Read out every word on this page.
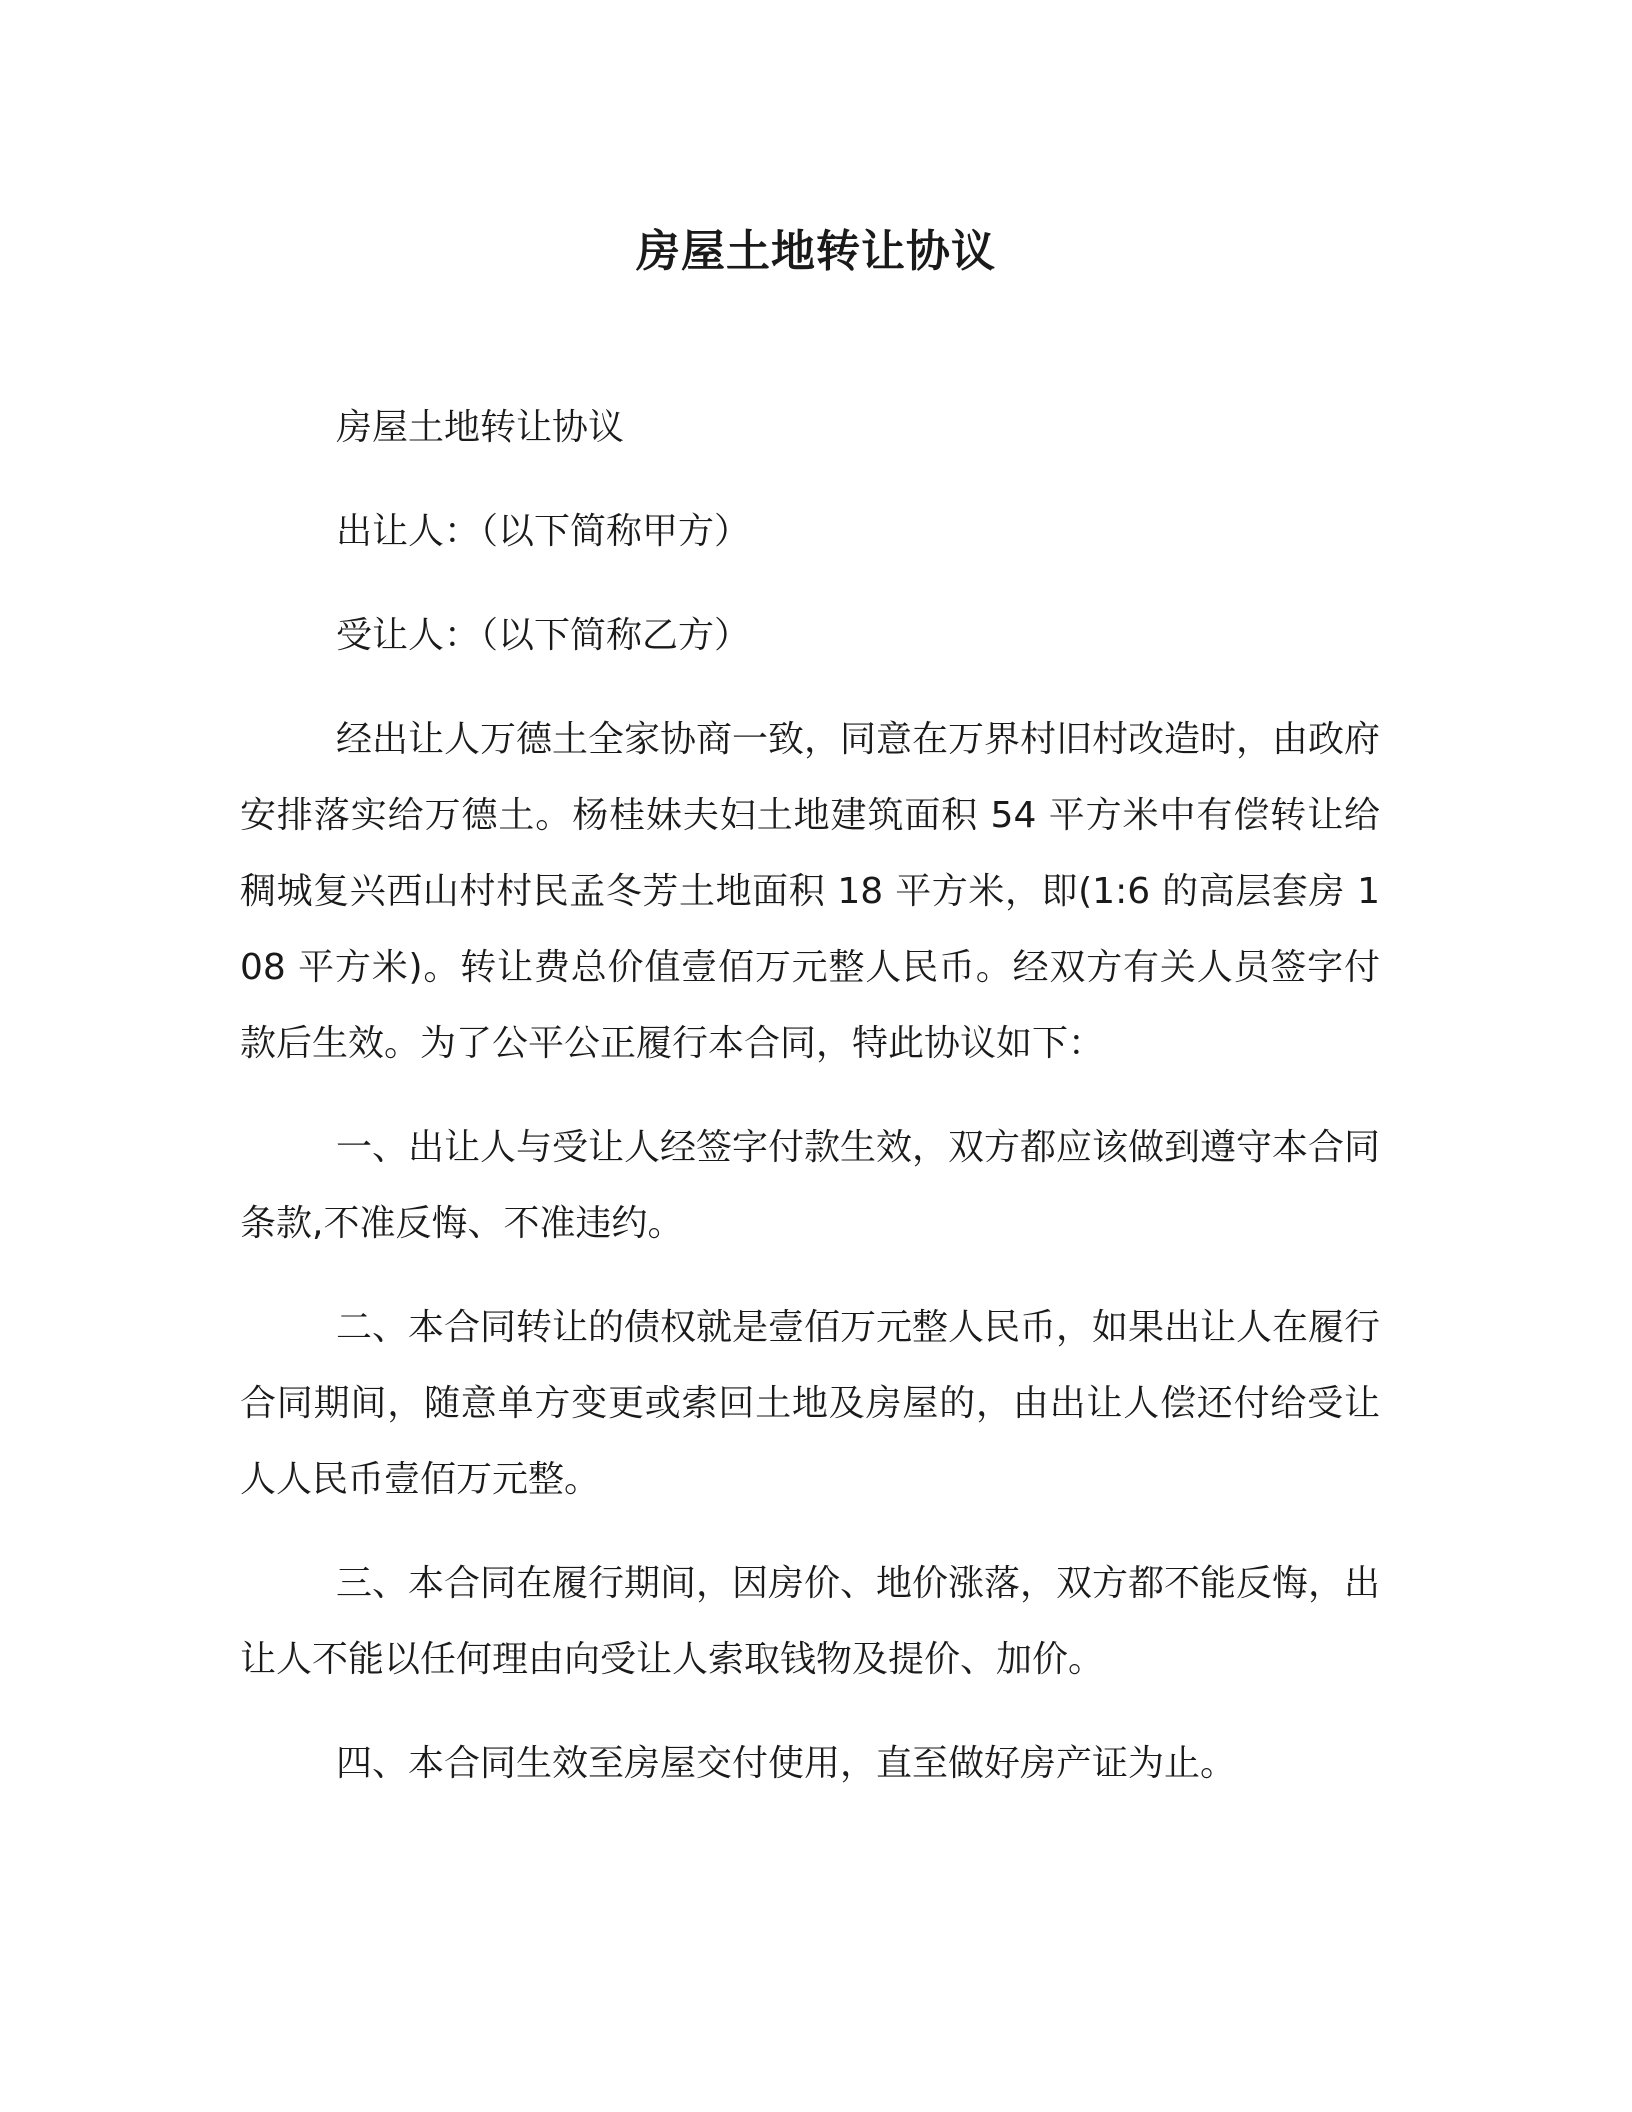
房屋土地转让协议

房屋土地转让协议

出让人：（以下简称甲方）

受让人：（以下简称乙方）

经出让人万德土全家协商一致，同意在万界村旧村改造时，由政府安排落实给万德土。杨桂妹夫妇土地建筑面积 54 平方米中有偿转让给稠城复兴西山村村民孟冬芳土地面积 18 平方米，即(1:6 的高层套房 108 平方米)。转让费总价值壹佰万元整人民币。经双方有关人员签字付款后生效。为了公平公正履行本合同，特此协议如下：

一、出让人与受让人经签字付款生效，双方都应该做到遵守本合同条款,不准反悔、不准违约。

二、本合同转让的债权就是壹佰万元整人民币，如果出让人在履行合同期间，随意单方变更或索回土地及房屋的，由出让人偿还付给受让人人民币壹佰万元整。

三、本合同在履行期间，因房价、地价涨落，双方都不能反悔，出让人不能以任何理由向受让人索取钱物及提价、加价。

四、本合同生效至房屋交付使用，直至做好房产证为止。
